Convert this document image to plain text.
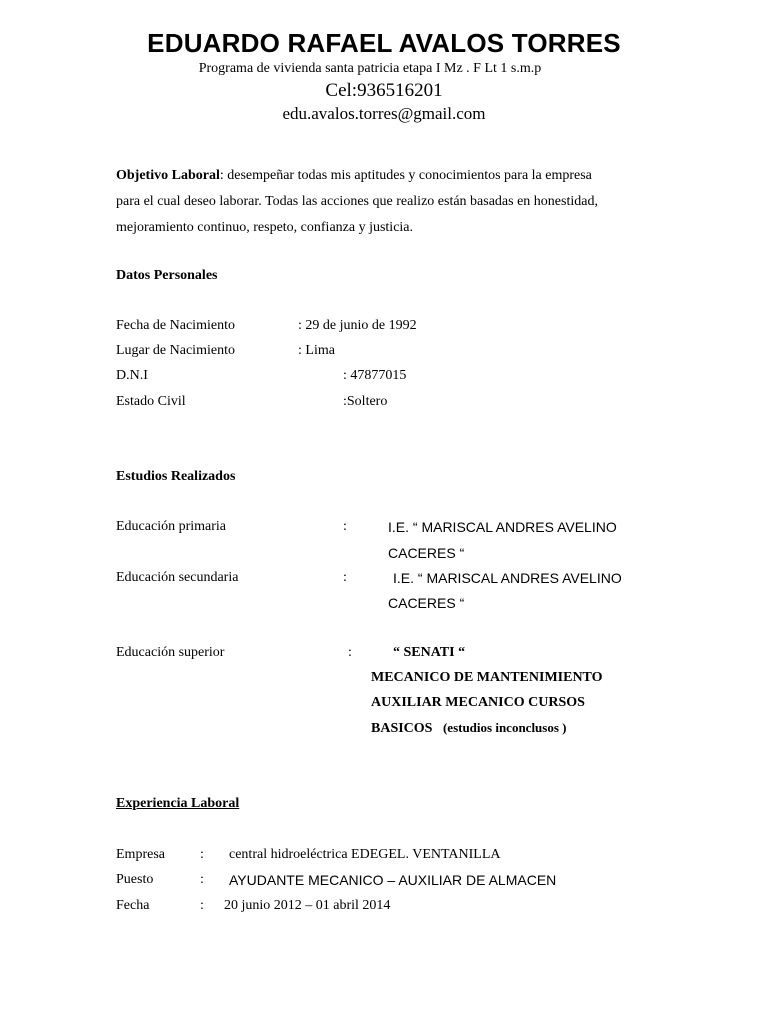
EDUARDO RAFAEL AVALOS TORRES
Programa de vivienda santa patricia etapa I Mz . F Lt 1 s.m.p
Cel:936516201
edu.avalos.torres@gmail.com
Objetivo Laboral: desempeñar todas mis aptitudes y conocimientos para la empresa
para el cual deseo laborar. Todas las acciones que realizo están basadas en honestidad,
mejoramiento continuo, respeto, confianza y justicia.
Datos Personales
Fecha de Nacimiento	: 29 de junio de 1992
Lugar de Nacimiento	: Lima
D.N.I	: 47877015
Estado Civil	:Soltero
Estudios Realizados
Educación primaria	:	I.E. “ MARISCAL ANDRES AVELINO
CACERES “
Educación secundaria	:	I.E. “ MARISCAL ANDRES AVELINO
CACERES “
Educación superior	:	“ SENATI “
MECANICO DE MANTENIMIENTO
AUXILIAR MECANICO CURSOS
BASICOS (estudios inconclusos )
Experiencia Laboral
Empresa	: central hidroeléctrica EDEGEL. VENTANILLA
Puesto	: AYUDANTE MECANICO – AUXILIAR DE ALMACEN
Fecha	: 20 junio 2012 – 01 abril 2014
